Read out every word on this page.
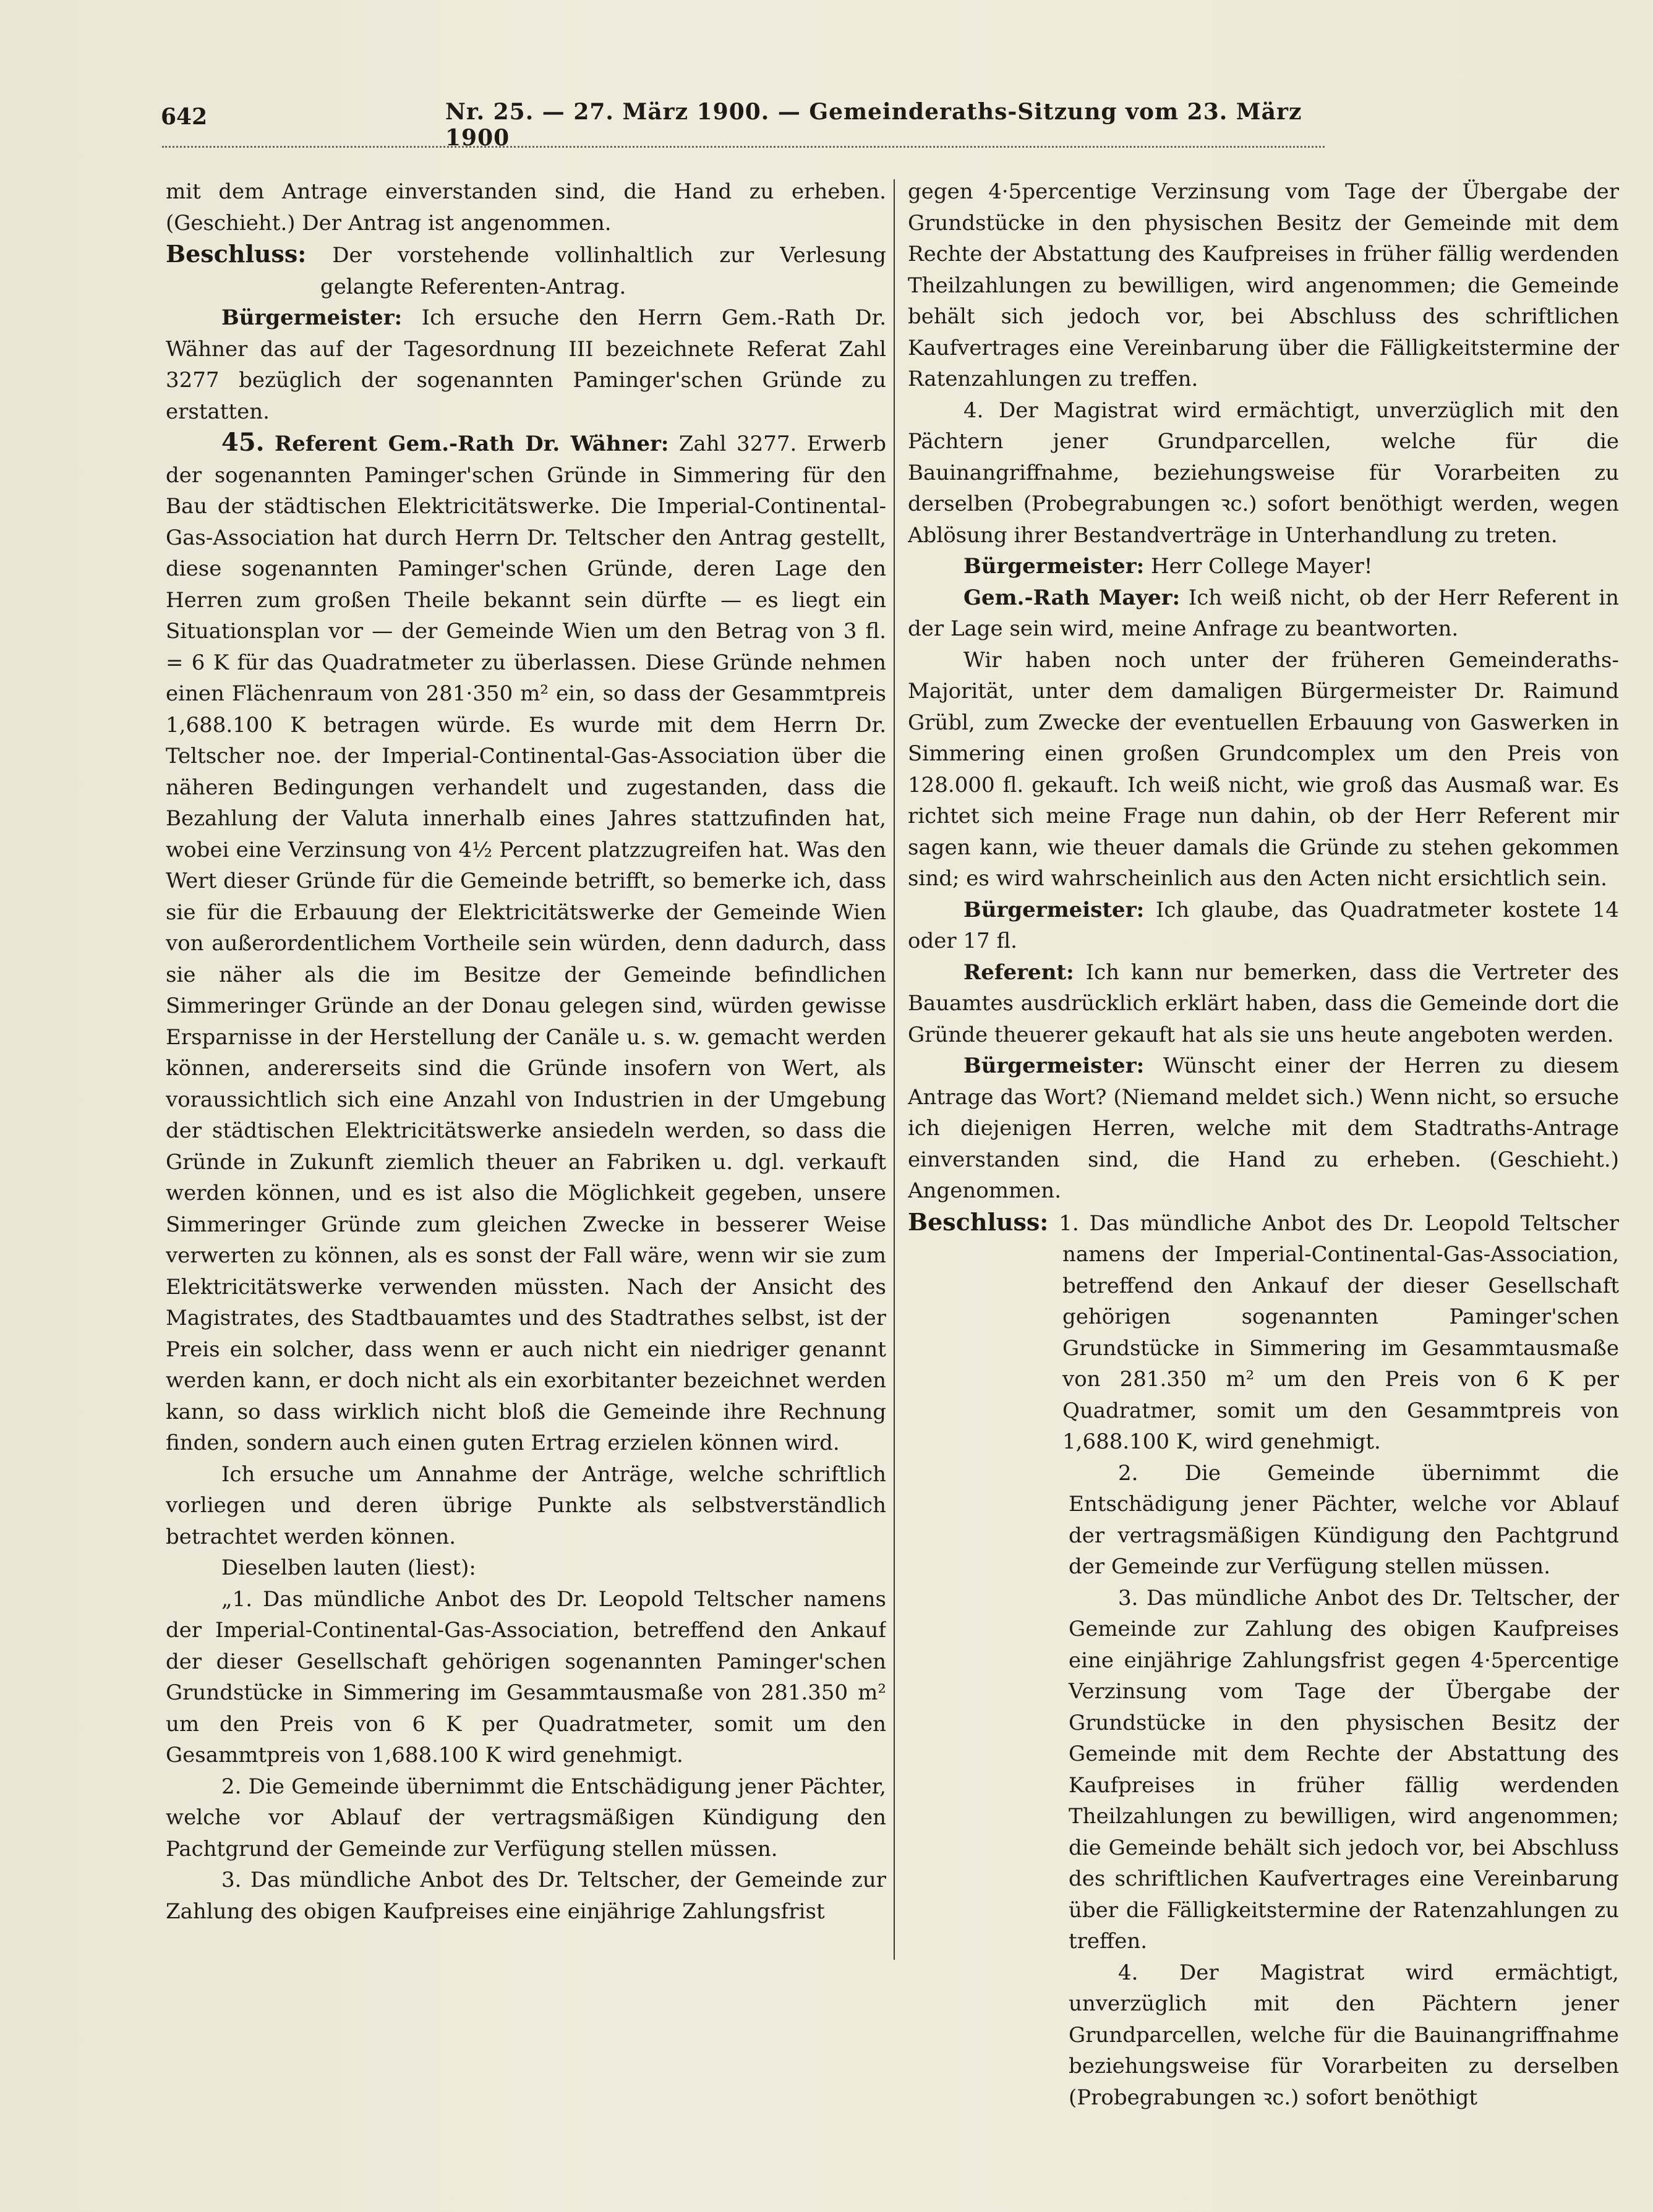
642	Nr. 25. — 27. März 1900. — Gemeinderaths-Sitzung vom 23. März 1900

mit dem Antrage einverstanden sind, die Hand zu erheben. (Geschieht.) Der Antrag ist angenommen.

Beschluss: Der vorstehende vollinhaltlich zur Verlesung gelangte Referenten-Antrag.

Bürgermeister: Ich ersuche den Herrn Gem.-Rath Dr. Wähner das auf der Tagesordnung III bezeichnete Referat Zahl 3277 bezüglich der sogenannten Paminger'schen Gründe zu erstatten.

45. Referent Gem.-Rath Dr. Wähner: Zahl 3277. Erwerb der sogenannten Paminger'schen Gründe in Simmering für den Bau der städtischen Elektricitätswerke. Die Imperial-Continental-Gas-Association hat durch Herrn Dr. Teltscher den Antrag gestellt, diese sogenannten Paminger'schen Gründe, deren Lage den Herren zum großen Theile bekannt sein dürfte — es liegt ein Situationsplan vor — der Gemeinde Wien um den Betrag von 3 fl. = 6 K für das Quadratmeter zu überlassen. Diese Gründe nehmen einen Flächenraum von 281·350 m² ein, so dass der Gesammtpreis 1,688.100 K betragen würde. Es wurde mit dem Herrn Dr. Teltscher noe. der Imperial-Continental-Gas-Association über die näheren Bedingungen verhandelt und zugestanden, dass die Bezahlung der Valuta innerhalb eines Jahres stattzufinden hat, wobei eine Verzinsung von 4½ Percent platzzugreifen hat. Was den Wert dieser Gründe für die Gemeinde betrifft, so bemerke ich, dass sie für die Erbauung der Elektricitätswerke der Gemeinde Wien von außerordentlichem Vortheile sein würden, denn dadurch, dass sie näher als die im Besitze der Gemeinde befindlichen Simmeringer Gründe an der Donau gelegen sind, würden gewisse Ersparnisse in der Herstellung der Canäle u. s. w. gemacht werden können, andererseits sind die Gründe insofern von Wert, als voraussichtlich sich eine Anzahl von Industrien in der Umgebung der städtischen Elektricitätswerke ansiedeln werden, so dass die Gründe in Zukunft ziemlich theuer an Fabriken u. dgl. verkauft werden können, und es ist also die Möglichkeit gegeben, unsere Simmeringer Gründe zum gleichen Zwecke in besserer Weise verwerten zu können, als es sonst der Fall wäre, wenn wir sie zum Elektricitätswerke verwenden müssten. Nach der Ansicht des Magistrates, des Stadtbauamtes und des Stadtrathes selbst, ist der Preis ein solcher, dass wenn er auch nicht ein niedriger genannt werden kann, er doch nicht als ein exorbitanter bezeichnet werden kann, so dass wirklich nicht bloß die Gemeinde ihre Rechnung finden, sondern auch einen guten Ertrag erzielen können wird.

Ich ersuche um Annahme der Anträge, welche schriftlich vorliegen und deren übrige Punkte als selbstverständlich betrachtet werden können.

Dieselben lauten (liest):

„1. Das mündliche Anbot des Dr. Leopold Teltscher namens der Imperial-Continental-Gas-Association, betreffend den Ankauf der dieser Gesellschaft gehörigen sogenannten Paminger'schen Grundstücke in Simmering im Gesammtausmaße von 281.350 m² um den Preis von 6 K per Quadratmeter, somit um den Gesammtpreis von 1,688.100 K wird genehmigt.

2. Die Gemeinde übernimmt die Entschädigung jener Pächter, welche vor Ablauf der vertragsmäßigen Kündigung den Pachtgrund der Gemeinde zur Verfügung stellen müssen.

3. Das mündliche Anbot des Dr. Teltscher, der Gemeinde zur Zahlung des obigen Kaufpreises eine einjährige Zahlungsfrist

gegen 4·5percentige Verzinsung vom Tage der Übergabe der Grundstücke in den physischen Besitz der Gemeinde mit dem Rechte der Abstattung des Kaufpreises in früher fällig werdenden Theilzahlungen zu bewilligen, wird angenommen; die Gemeinde behält sich jedoch vor, bei Abschluss des schriftlichen Kaufvertrages eine Vereinbarung über die Fälligkeitstermine der Ratenzahlungen zu treffen.

4. Der Magistrat wird ermächtigt, unverzüglich mit den Pächtern jener Grundparcellen, welche für die Bauinangriffnahme, beziehungsweise für Vorarbeiten zu derselben (Probegrabungen ꝛc.) sofort benöthigt werden, wegen Ablösung ihrer Bestandverträge in Unterhandlung zu treten.

Bürgermeister: Herr College Mayer!

Gem.-Rath Mayer: Ich weiß nicht, ob der Herr Referent in der Lage sein wird, meine Anfrage zu beantworten.

Wir haben noch unter der früheren Gemeinderaths-Majorität, unter dem damaligen Bürgermeister Dr. Raimund Grübl, zum Zwecke der eventuellen Erbauung von Gaswerken in Simmering einen großen Grundcomplex um den Preis von 128.000 fl. gekauft. Ich weiß nicht, wie groß das Ausmaß war. Es richtet sich meine Frage nun dahin, ob der Herr Referent mir sagen kann, wie theuer damals die Gründe zu stehen gekommen sind; es wird wahrscheinlich aus den Acten nicht ersichtlich sein.

Bürgermeister: Ich glaube, das Quadratmeter kostete 14 oder 17 fl.

Referent: Ich kann nur bemerken, dass die Vertreter des Bauamtes ausdrücklich erklärt haben, dass die Gemeinde dort die Gründe theuerer gekauft hat als sie uns heute angeboten werden.

Bürgermeister: Wünscht einer der Herren zu diesem Antrage das Wort? (Niemand meldet sich.) Wenn nicht, so ersuche ich diejenigen Herren, welche mit dem Stadtraths-Antrage einverstanden sind, die Hand zu erheben. (Geschieht.) Angenommen.

Beschluss: 1. Das mündliche Anbot des Dr. Leopold Teltscher namens der Imperial-Continental-Gas-Association, betreffend den Ankauf der dieser Gesellschaft gehörigen sogenannten Paminger'schen Grundstücke in Simmering im Gesammtausmaße von 281.350 m² um den Preis von 6 K per Quadratmer, somit um den Gesammtpreis von 1,688.100 K, wird genehmigt.

2. Die Gemeinde übernimmt die Entschädigung jener Pächter, welche vor Ablauf der vertragsmäßigen Kündigung den Pachtgrund der Gemeinde zur Verfügung stellen müssen.

3. Das mündliche Anbot des Dr. Teltscher, der Gemeinde zur Zahlung des obigen Kaufpreises eine einjährige Zahlungsfrist gegen 4·5percentige Verzinsung vom Tage der Übergabe der Grundstücke in den physischen Besitz der Gemeinde mit dem Rechte der Abstattung des Kaufpreises in früher fällig werdenden Theilzahlungen zu bewilligen, wird angenommen; die Gemeinde behält sich jedoch vor, bei Abschluss des schriftlichen Kaufvertrages eine Vereinbarung über die Fälligkeitstermine der Ratenzahlungen zu treffen.

4. Der Magistrat wird ermächtigt, unverzüglich mit den Pächtern jener Grundparcellen, welche für die Bauinangriffnahme beziehungsweise für Vorarbeiten zu derselben (Probegrabungen ꝛc.) sofort benöthigt
